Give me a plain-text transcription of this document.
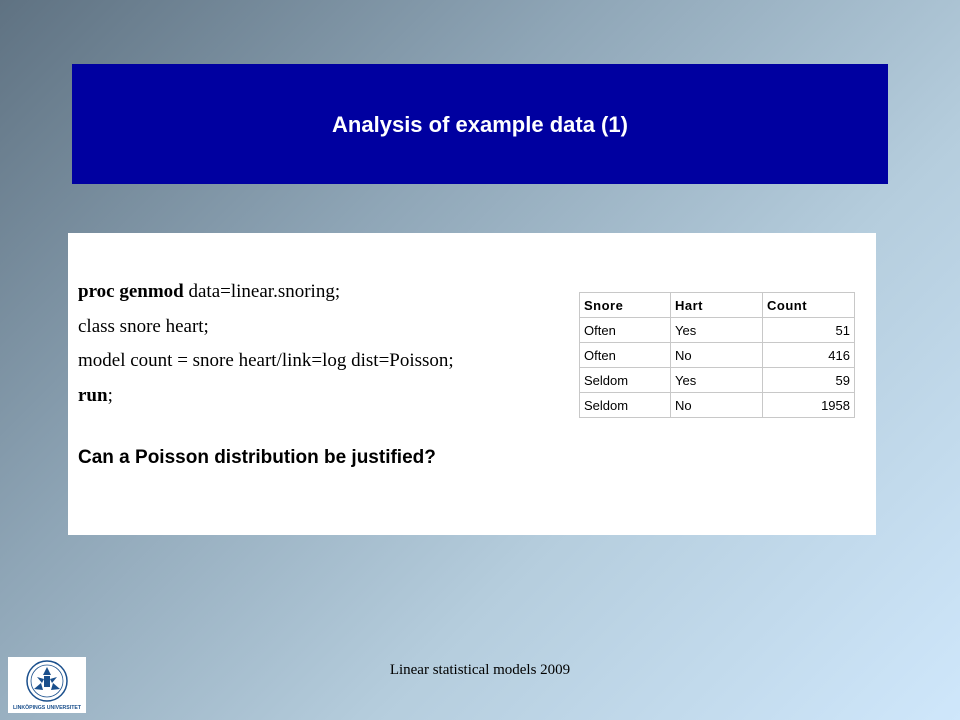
Analysis of example data (1)
proc genmod data=linear.snoring;
class snore heart;
model count = snore heart/link=log dist=Poisson;
run;
Can a Poisson distribution be justified?
Snore	Hart	Count
Often	Yes	51
Often	No	416
Seldom	Yes	59
Seldom	No	1958
LINKÖPINGS UNIVERSITET
Linear statistical models 2009
